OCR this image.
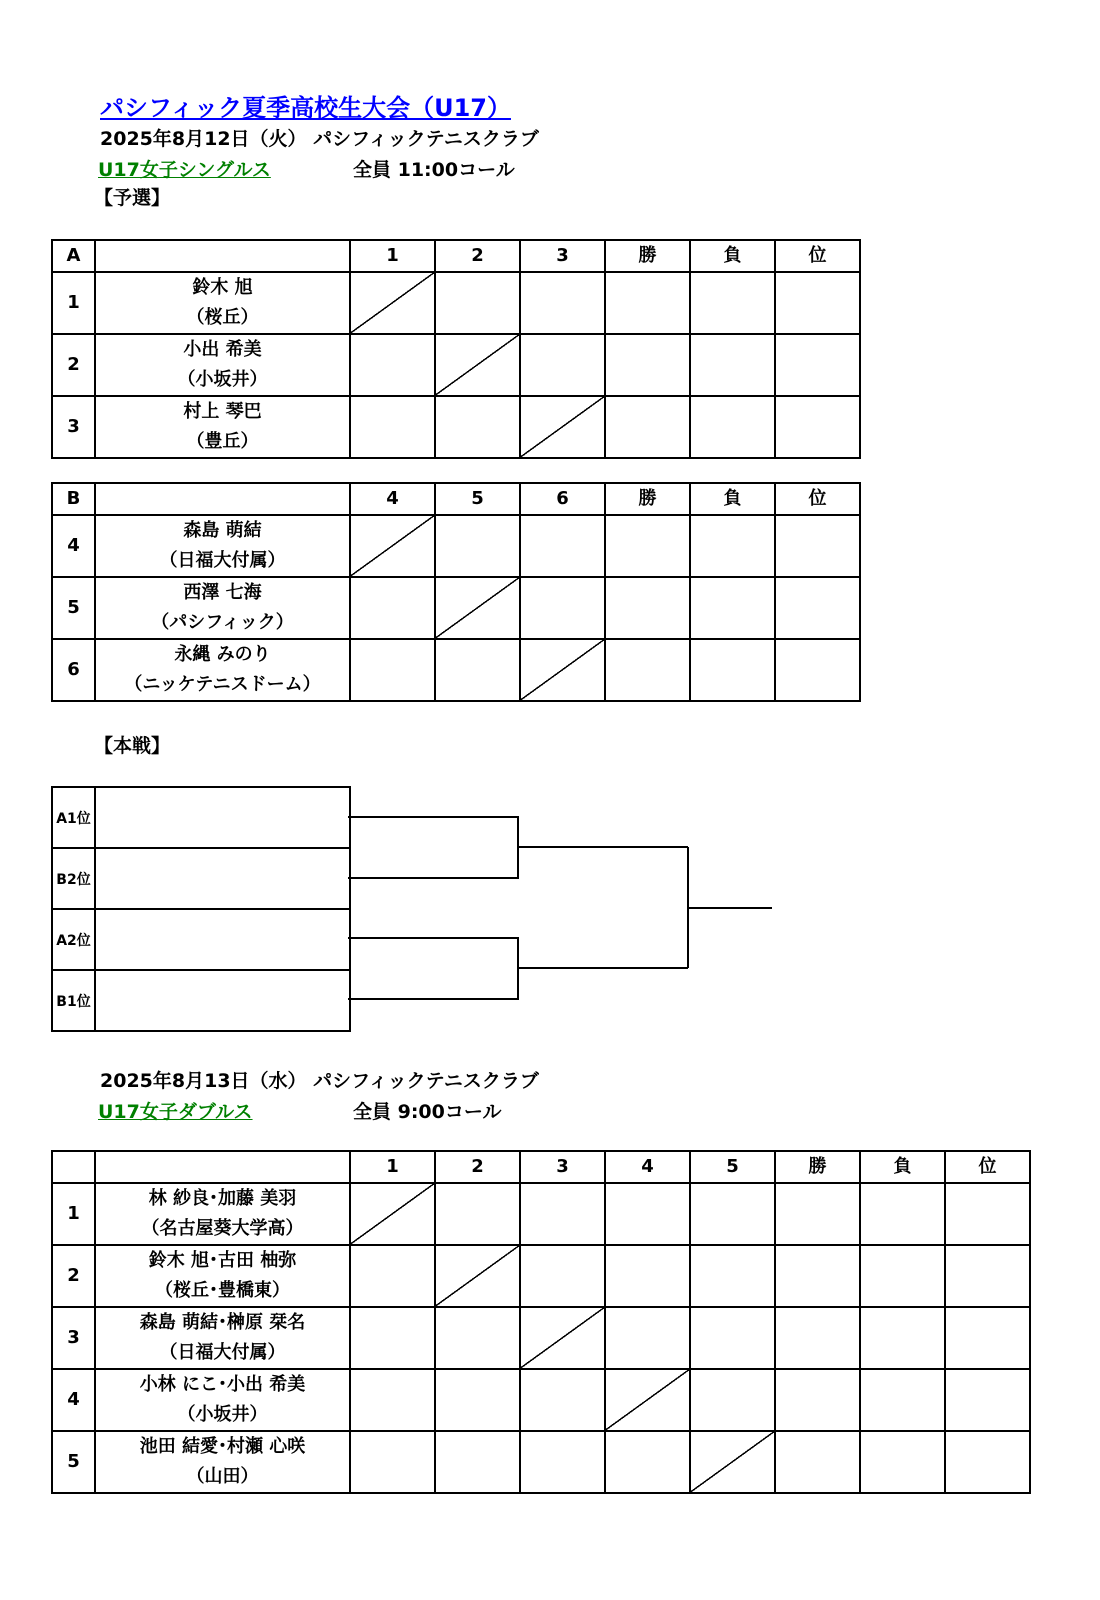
パシフィック夏季高校生大会（U17）
2025年8月12日（火） パシフィックテニスクラブ
U17女子シングルス	全員 11:00コール
【予選】
A		1	2	3	勝	負	位
1	鈴木 旭
（桜丘）						

2	小出 希美
（小坂井）						

3	村上 琴巴
（豊丘）						

B		4	5	6	勝	負	位
4	森島 萌結
（日福大付属）						

5	西澤 七海
（パシフィック）						

6	永縄 みのり
（ニッケテニスドーム）						

【本戦】
A1位	
B2位	
A2位	
B1位	
2025年8月13日（水） パシフィックテニスクラブ
U17女子ダブルス	全員 9:00コール
		1	2	3	4	5	勝	負	位
1	林 紗良･加藤 美羽
（名古屋葵大学高）								

2	鈴木 旭･古田 柚弥
（桜丘･豊橋東）								

3	森島 萌結･榊原 栞名
（日福大付属）								

4	小林 にこ･小出 希美
（小坂井）								

5	池田 結愛･村瀬 心咲
（山田）								
